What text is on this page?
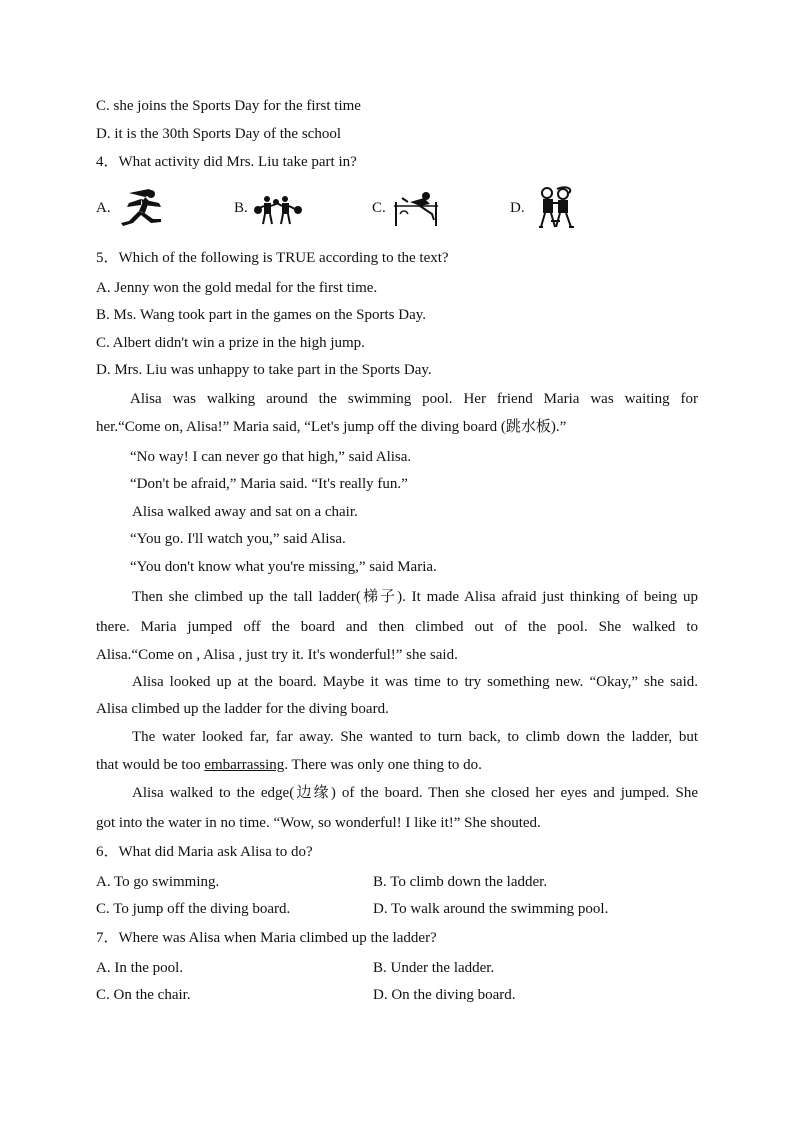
C. she joins the Sports Day for the first time
D. it is the 30th Sports Day of the school
4．What activity did Mrs. Liu take part in?
A.	B.	C.	D.
5．Which of the following is TRUE according to the text?
A. Jenny won the gold medal for the first time.
B. Ms. Wang took part in the games on the Sports Day.
C. Albert didn't win a prize in the high jump.
D. Mrs. Liu was unhappy to take part in the Sports Day.
Alisa was walking around the swimming pool. Her friend Maria was waiting for
her.“Come on, Alisa!” Maria said, “Let's jump off the diving board (跳水板).”
“No way! I can never go that high,” said Alisa.
“Don't be afraid,” Maria said. “It's really fun.”
Alisa walked away and sat on a chair.
“You go. I'll watch you,” said Alisa.
“You don't know what you're missing,” said Maria.
Then she climbed up the tall ladder(梯子). It made Alisa afraid just thinking of being up
there. Maria jumped off the board and then climbed out of the pool. She walked to
Alisa.“Come on , Alisa , just try it. It's wonderful!” she said.
Alisa looked up at the board. Maybe it was time to try something new. “Okay,” she said.
Alisa climbed up the ladder for the diving board.
The water looked far, far away. She wanted to turn back, to climb down the ladder, but
that would be too embarrassing. There was only one thing to do.
Alisa walked to the edge(边缘) of the board. Then she closed her eyes and jumped. She
got into the water in no time. “Wow, so wonderful! I like it!” She shouted.
6．What did Maria ask Alisa to do?
A. To go swimming.	B. To climb down the ladder.
C. To jump off the diving board.	D. To walk around the swimming pool.
7．Where was Alisa when Maria climbed up the ladder?
A. In the pool.	B. Under the ladder.
C. On the chair.	D. On the diving board.
